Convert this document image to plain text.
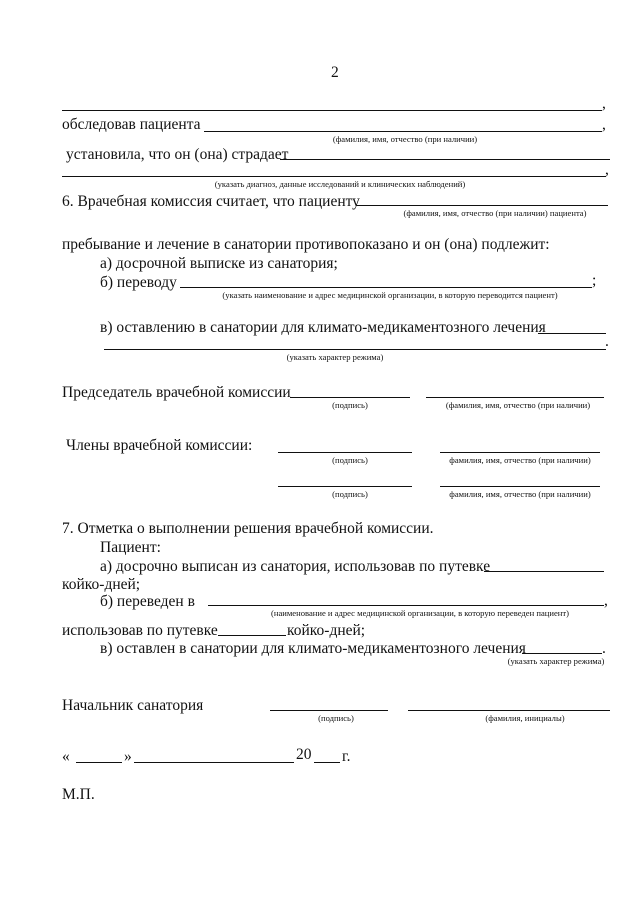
2
,
обследовав пациента	,
(фамилия, имя, отчество (при наличии)
установила, что он (она) страдает
,
(указать диагноз, данные исследований и клинических наблюдений)
6. Врачебная комиссия считает, что пациенту
(фамилия, имя, отчество (при наличии) пациента)
пребывание и лечение в санатории противопоказано и он (она) подлежит:
а) досрочной выписке из санатория;
б) переводу	;
(указать наименование и адрес медицинской организации, в которую переводится пациент)
в) оставлению в санатории для климато-медикаментозного лечения
.
(указать характер режима)
Председатель врачебной комиссии
(подпись)	(фамилия, имя, отчество (при наличии)
Члены врачебной комиссии:
(подпись)	фамилия, имя, отчество (при наличии)
(подпись)	фамилия, имя, отчество (при наличии)
7. Отметка о выполнении решения врачебной комиссии.
Пациент:
а) досрочно выписан из санатория, использовав по путевке
койко-дней;
б) переведен в	,
(наименование и адрес медицинской организации, в которую переведен пациент)
использовав по путевке	койко-дней;
в) оставлен в санатории для климато-медикаментозного лечения	.
(указать характер режима)
Начальник санатория
(подпись)	(фамилия, инициалы)
«	»	20 г.
М.П.
